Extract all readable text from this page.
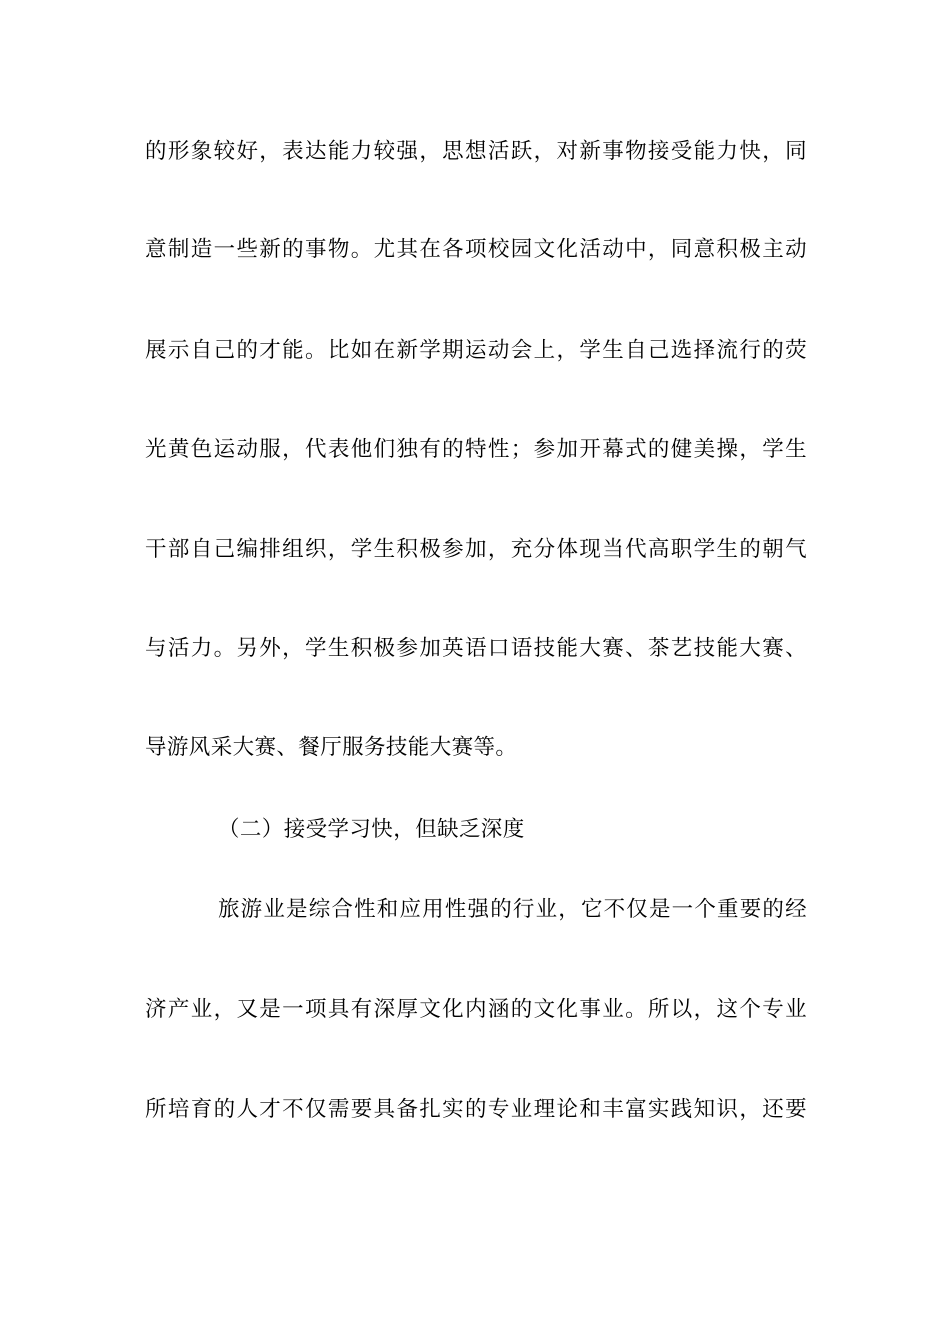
的形象较好，表达能力较强，思想活跃，对新事物接受能力快，同
意制造一些新的事物。尤其在各项校园文化活动中，同意积极主动
展示自己的才能。比如在新学期运动会上，学生自己选择流行的荧
光黄色运动服，代表他们独有的特性；参加开幕式的健美操，学生
干部自己编排组织，学生积极参加，充分体现当代高职学生的朝气
与活力。另外，学生积极参加英语口语技能大赛、茶艺技能大赛、
导游风采大赛、餐厅服务技能大赛等。
（二）接受学习快，但缺乏深度
旅游业是综合性和应用性强的行业，它不仅是一个重要的经
济产业，又是一项具有深厚文化内涵的文化事业。所以，这个专业
所培育的人才不仅需要具备扎实的专业理论和丰富实践知识，还要
